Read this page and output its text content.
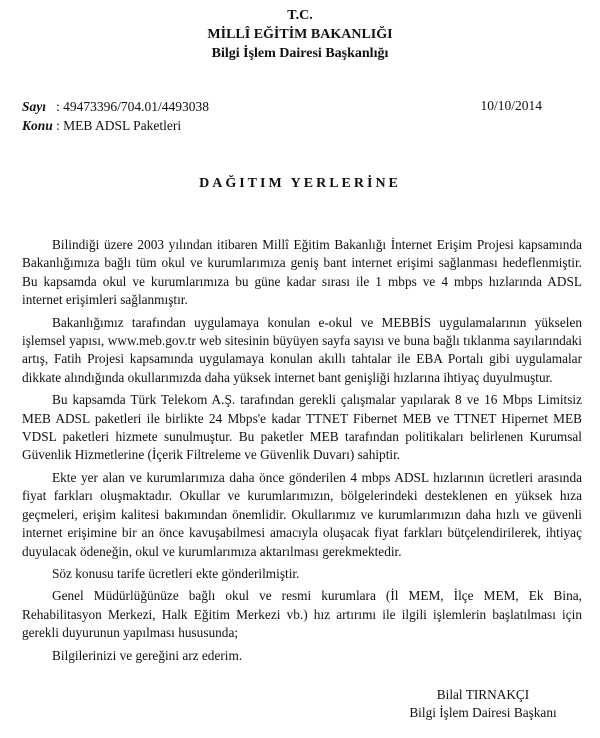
T.C.
MİLLÎ EĞİTİM BAKANLIĞI
Bilgi İşlem Dairesi Başkanlığı
Sayı : 49473396/704.01/4493038	10/10/2014
Konu : MEB ADSL Paketleri
DAĞITIM YERLERİNE

Bilindiği üzere 2003 yılından itibaren Millî Eğitim Bakanlığı İnternet Erişim Projesi kapsamında Bakanlığımıza bağlı tüm okul ve kurumlarımıza geniş bant internet erişimi sağlanması hedeflenmiştir. Bu kapsamda okul ve kurumlarımıza bu güne kadar sırası ile 1 mbps ve 4 mbps hızlarında ADSL internet erişimleri sağlanmıştır.

Bakanlığımız tarafından uygulamaya konulan e-okul ve MEBBİS uygulamalarının yükselen işlemsel yapısı, www.meb.gov.tr web sitesinin büyüyen sayfa sayısı ve buna bağlı tıklanma sayılarındaki artış, Fatih Projesi kapsamında uygulamaya konulan akıllı tahtalar ile EBA Portalı gibi uygulamalar dikkate alındığında okullarımızda daha yüksek internet bant genişliği hızlarına ihtiyaç duyulmuştur.

Bu kapsamda Türk Telekom A.Ş. tarafından gerekli çalışmalar yapılarak 8 ve 16 Mbps Limitsiz MEB ADSL paketleri ile birlikte 24 Mbps'e kadar TTNET Fibernet MEB ve TTNET Hipernet MEB VDSL paketleri hizmete sunulmuştur. Bu paketler MEB tarafından politikaları belirlenen Kurumsal Güvenlik Hizmetlerine (İçerik Filtreleme ve Güvenlik Duvarı) sahiptir.

Ekte yer alan ve kurumlarımıza daha önce gönderilen 4 mbps ADSL hızlarının ücretleri arasında fiyat farkları oluşmaktadır. Okullar ve kurumlarımızın, bölgelerindeki desteklenen en yüksek hıza geçmeleri, erişim kalitesi bakımından önemlidir. Okullarımız ve kurumlarımızın daha hızlı ve güvenli internet erişimine bir an önce kavuşabilmesi amacıyla oluşacak fiyat farkları bütçelendirilerek, ihtiyaç duyulacak ödeneğin, okul ve kurumlarımıza aktarılması gerekmektedir.

Söz konusu tarife ücretleri ekte gönderilmiştir.

Genel Müdürlüğünüze bağlı okul ve resmi kurumlara (İl MEM, İlçe MEM, Ek Bina, Rehabilitasyon Merkezi, Halk Eğitim Merkezi vb.) hız artırımı ile ilgili işlemlerin başlatılması için gerekli duyurunun yapılması hususunda;

Bilgilerinizi ve gereğini arz ederim.

Bilal TIRNAKÇI
Bilgi İşlem Dairesi Başkanı
